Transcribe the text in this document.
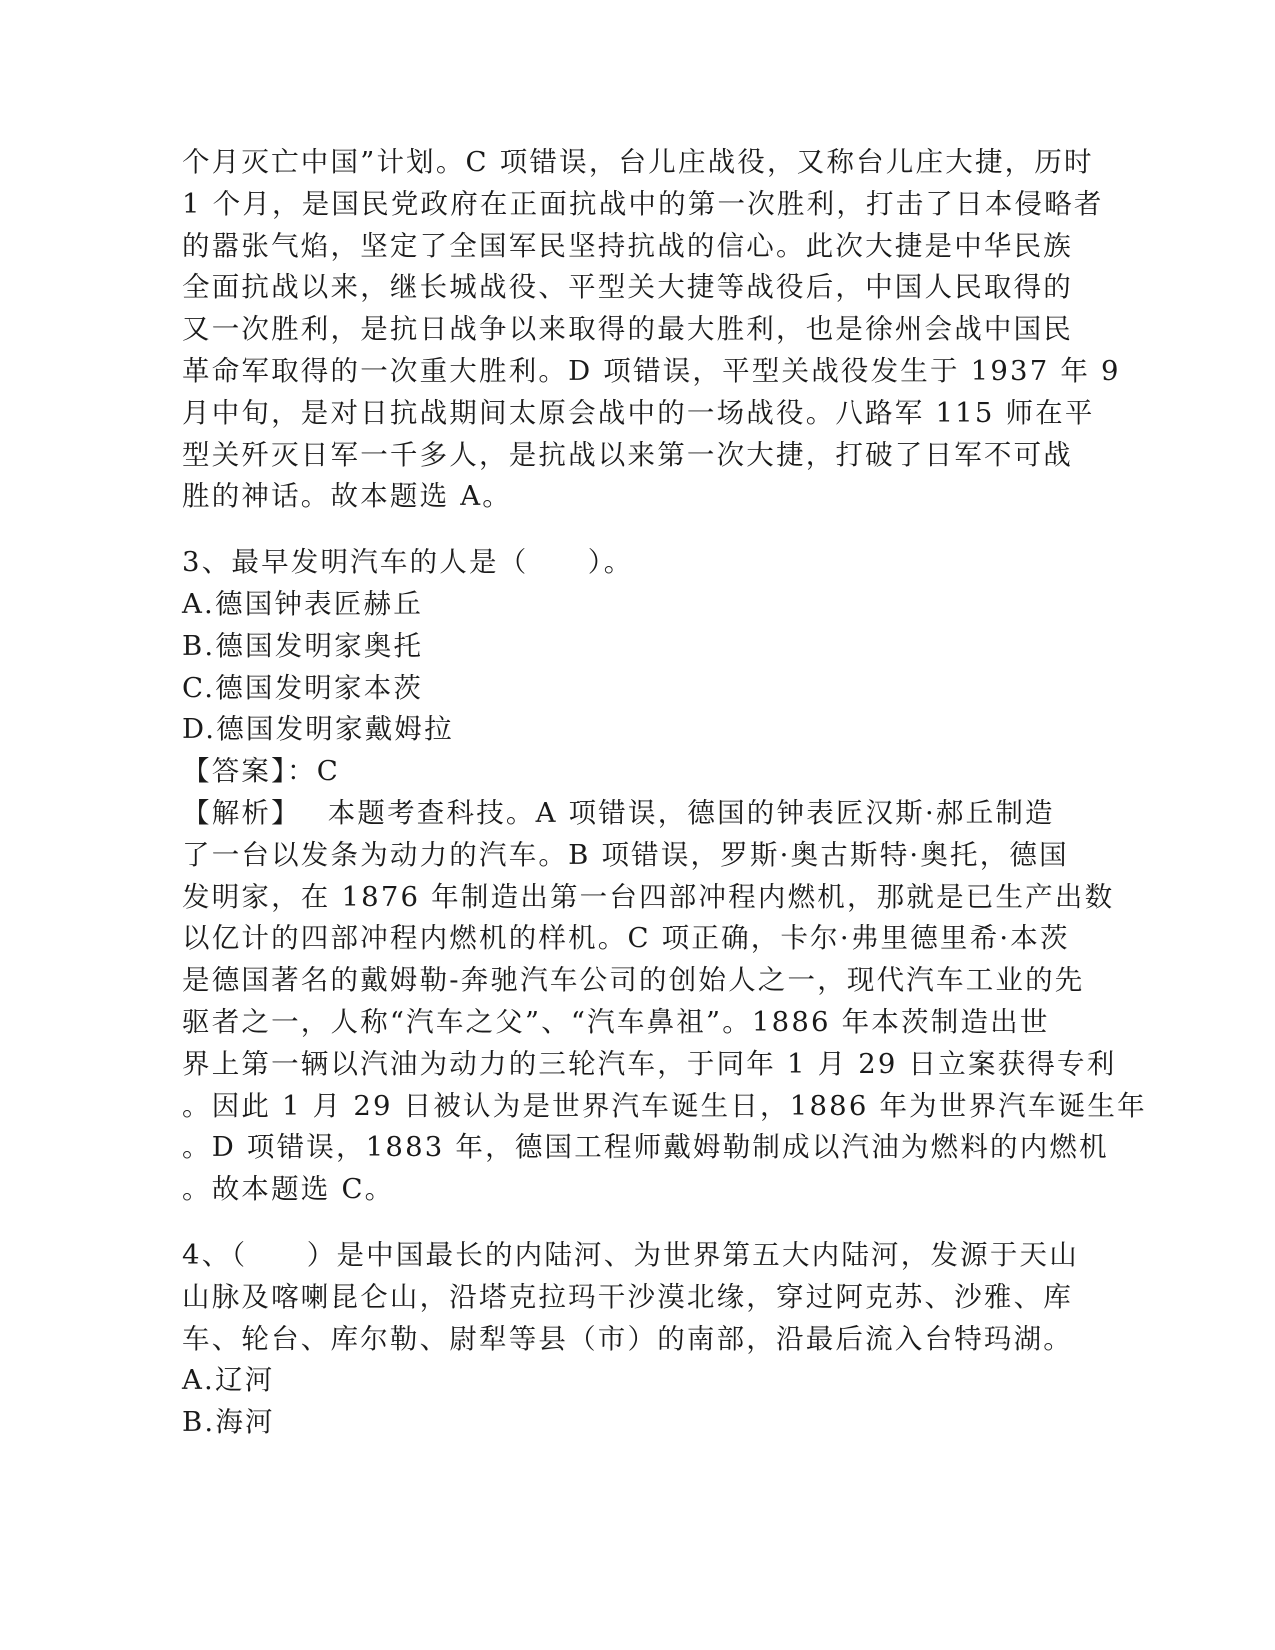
个月灭亡中国”计划。C 项错误，台儿庄战役，又称台儿庄大捷，历时
1 个月，是国民党政府在正面抗战中的第一次胜利，打击了日本侵略者
的嚣张气焰，坚定了全国军民坚持抗战的信心。此次大捷是中华民族
全面抗战以来，继长城战役、平型关大捷等战役后，中国人民取得的
又一次胜利，是抗日战争以来取得的最大胜利，也是徐州会战中国民
革命军取得的一次重大胜利。D 项错误，平型关战役发生于 1937 年 9
月中旬，是对日抗战期间太原会战中的一场战役。八路军 115 师在平
型关歼灭日军一千多人，是抗战以来第一次大捷，打破了日军不可战
胜的神话。故本题选 A。
3、最早发明汽车的人是（　　）。
A.德国钟表匠赫丘
B.德国发明家奥托
C.德国发明家本茨
D.德国发明家戴姆拉
【答案】：C
【解析】　 本题考查科技。A 项错误，德国的钟表匠汉斯·郝丘制造
了一台以发条为动力的汽车。B 项错误，罗斯·奥古斯特·奥托，德国
发明家，在 1876 年制造出第一台四部冲程内燃机，那就是已生产出数
以亿计的四部冲程内燃机的样机。C 项正确，卡尔·弗里德里希·本茨
是德国著名的戴姆勒-奔驰汽车公司的创始人之一，现代汽车工业的先
驱者之一，人称“汽车之父”、“汽车鼻祖”。1886 年本茨制造出世
界上第一辆以汽油为动力的三轮汽车，于同年 1 月 29 日立案获得专利
。因此 1 月 29 日被认为是世界汽车诞生日，1886 年为世界汽车诞生年
。D 项错误，1883 年，德国工程师戴姆勒制成以汽油为燃料的内燃机
。故本题选 C。
4、（　　）是中国最长的内陆河、为世界第五大内陆河，发源于天山
山脉及喀喇昆仑山，沿塔克拉玛干沙漠北缘，穿过阿克苏、沙雅、库
车、轮台、库尔勒、尉犁等县（市）的南部，沿最后流入台特玛湖。
A.辽河
B.海河
